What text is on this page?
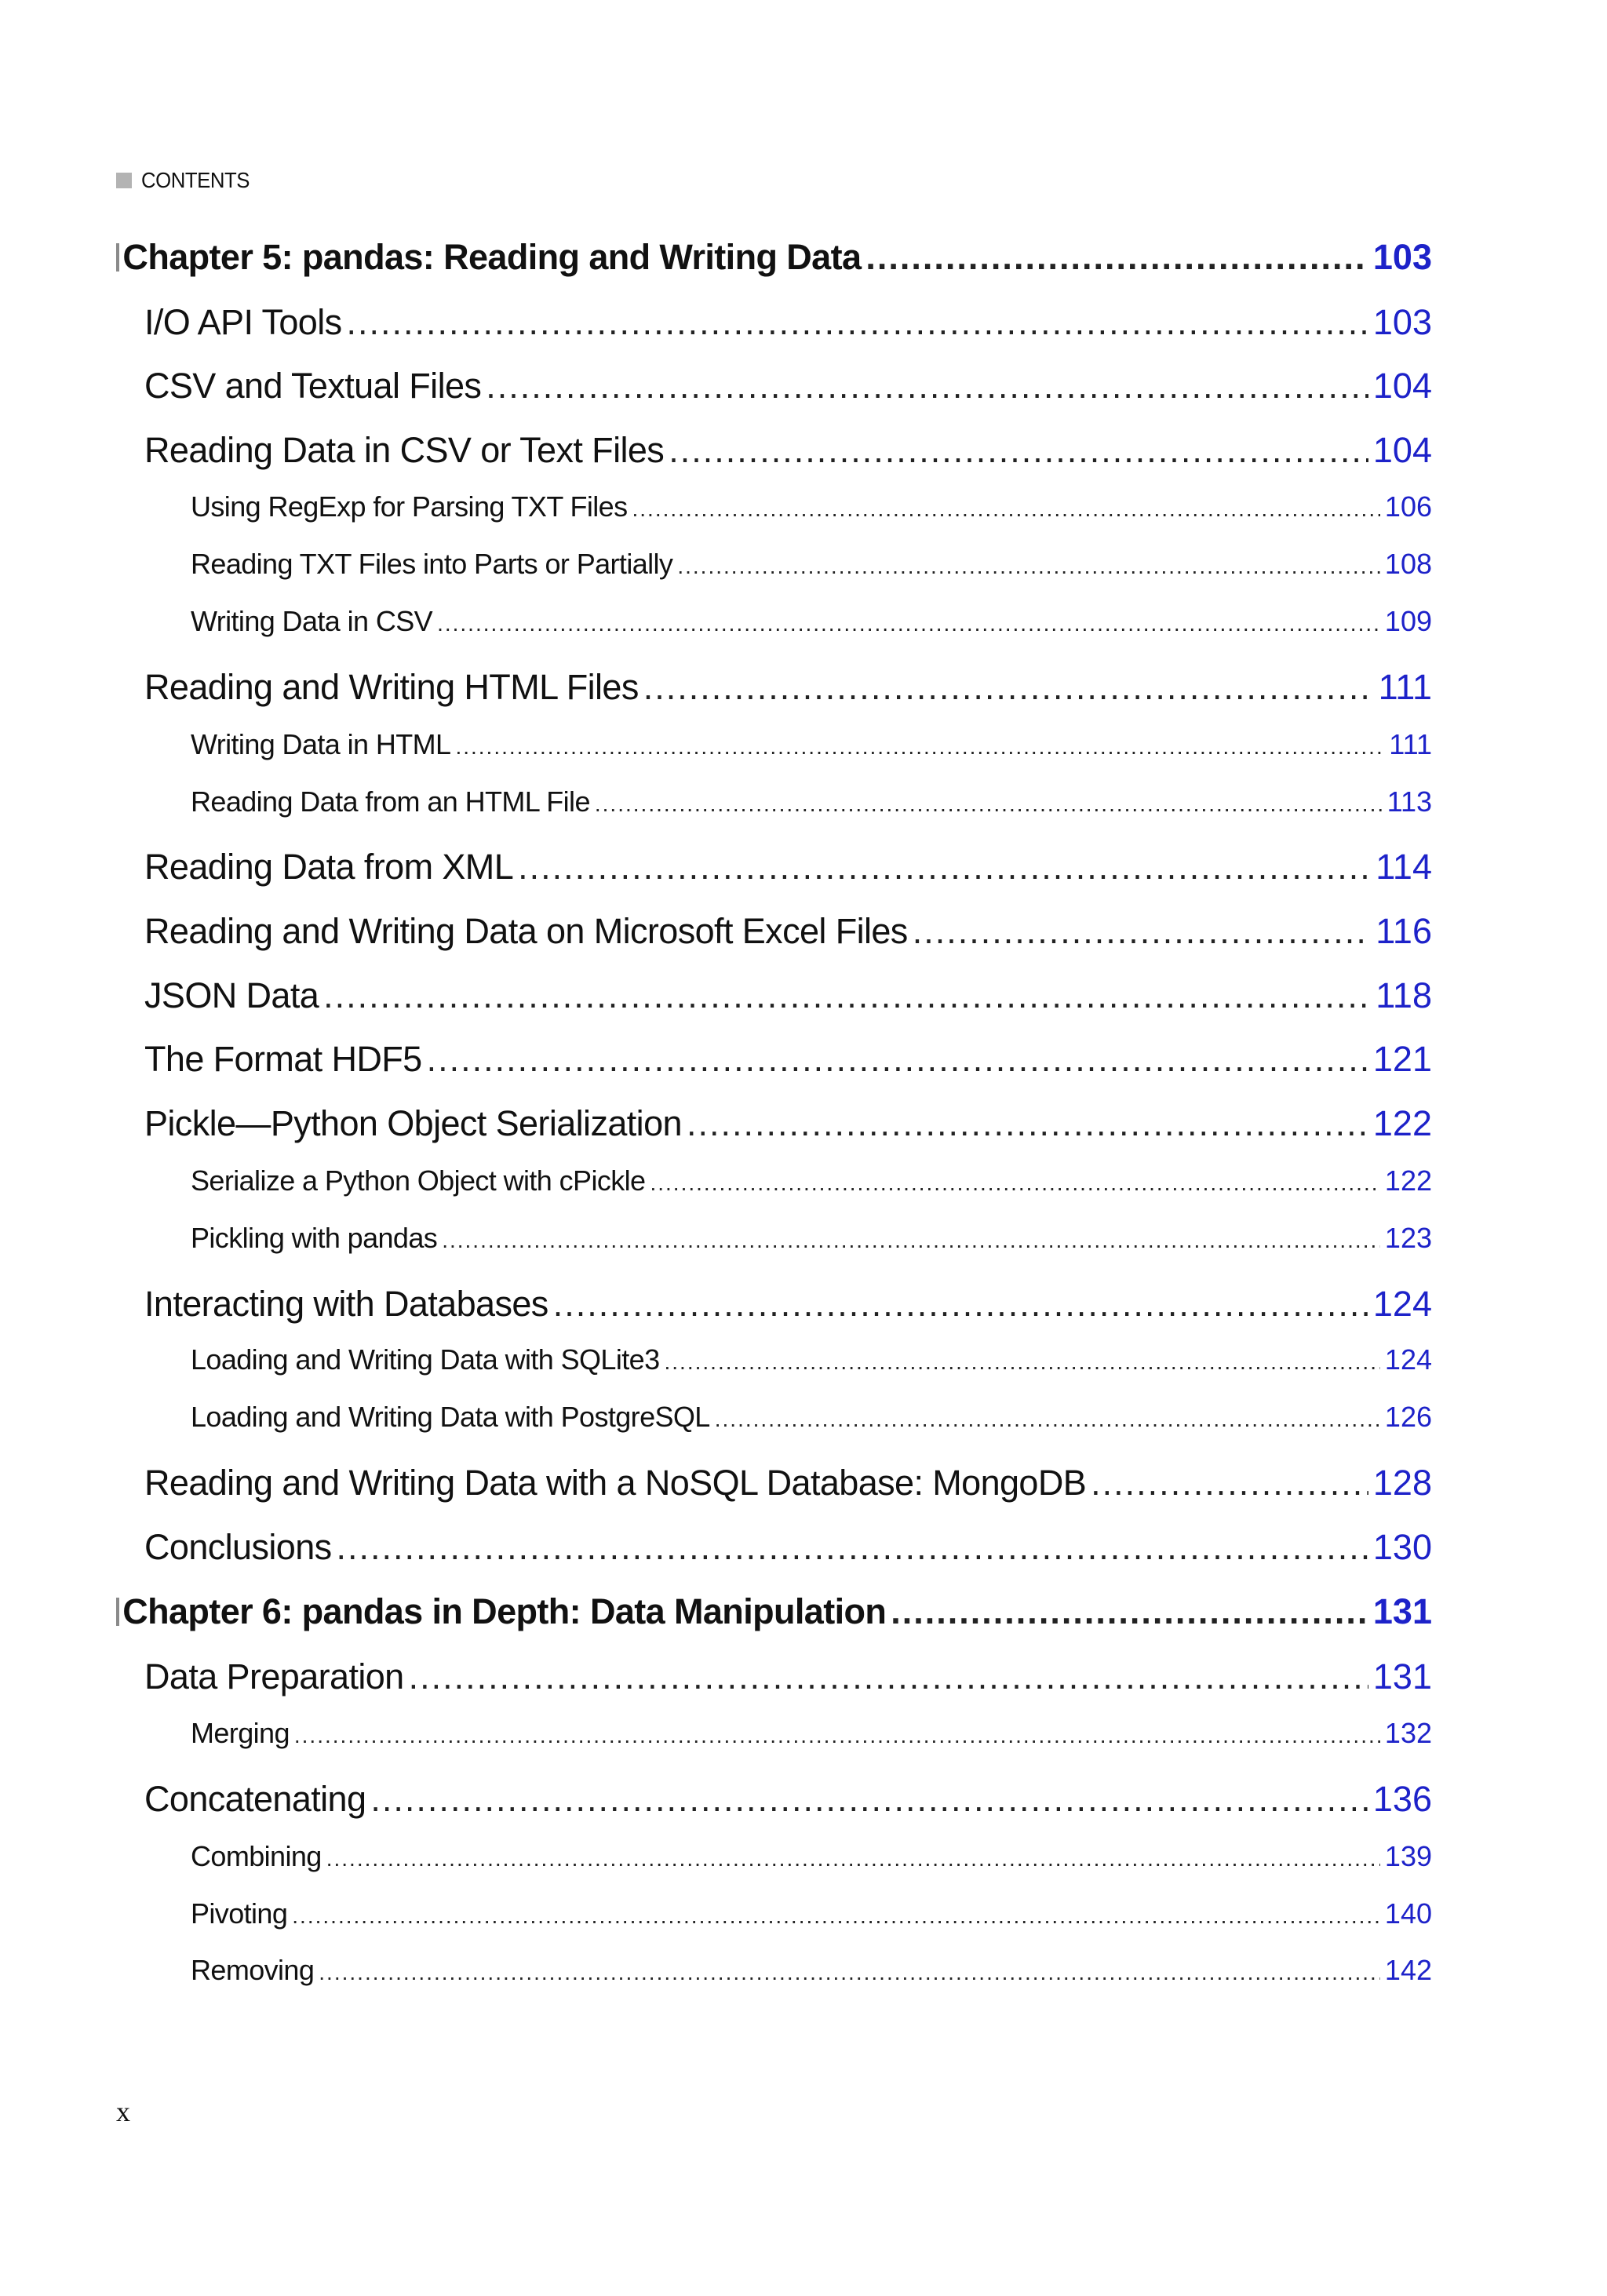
CONTENTS
Chapter 5: pandas: Reading and Writing Data .....	103
I/O API Tools .....	103
CSV and Textual Files .....	104
Reading Data in CSV or Text Files .....	104
Using RegExp for Parsing TXT Files .....	106
Reading TXT Files into Parts or Partially .....	108
Writing Data in CSV .....	109
Reading and Writing HTML Files .....	111
Writing Data in HTML .....	111
Reading Data from an HTML File .....	113
Reading Data from XML .....	114
Reading and Writing Data on Microsoft Excel Files .....	116
JSON Data .....	118
The Format HDF5 .....	121
Pickle—Python Object Serialization .....	122
Serialize a Python Object with cPickle .....	122
Pickling with pandas .....	123
Interacting with Databases .....	124
Loading and Writing Data with SQLite3 .....	124
Loading and Writing Data with PostgreSQL .....	126
Reading and Writing Data with a NoSQL Database: MongoDB .....	128
Conclusions .....	130
Chapter 6: pandas in Depth: Data Manipulation .....	131
Data Preparation .....	131
Merging .....	132
Concatenating .....	136
Combining .....	139
Pivoting .....	140
Removing .....	142
x
